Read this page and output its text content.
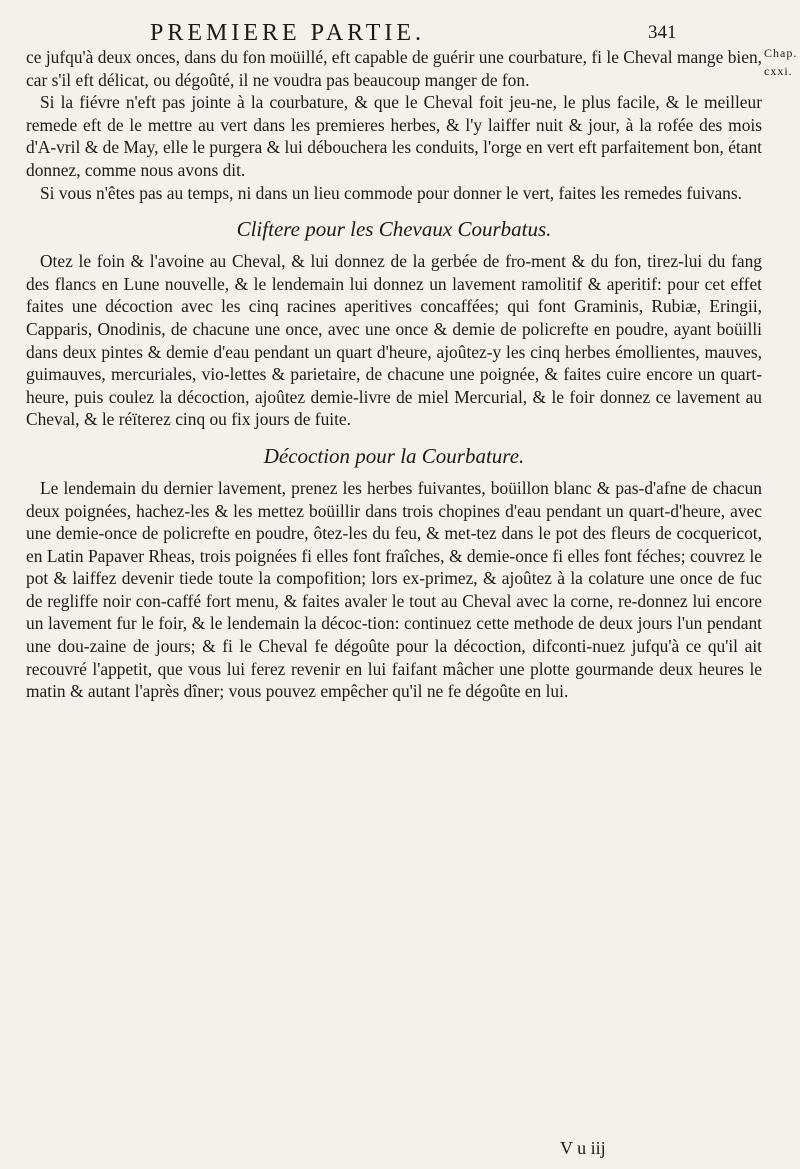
PREMIERE PARTIE.	341
Chap.
cxxi.

ce jufqu'à deux onces, dans du fon moüillé, eft capable de guérir une courbature, fi le Cheval mange bien, car s'il eft délicat, ou dégoûté, il ne voudra pas beaucoup manger de fon.

Si la fiévre n'eft pas jointe à la courbature, & que le Cheval foit jeu-ne, le plus facile, & le meilleur remede eft de le mettre au vert dans les premieres herbes, & l'y laiffer nuit & jour, à la rofée des mois d'A-vril & de May, elle le purgera & lui débouchera les conduits, l'orge en vert eft parfaitement bon, étant donnez, comme nous avons dit.

Si vous n'êtes pas au temps, ni dans un lieu commode pour donner le vert, faites les remedes fuivans.

Cliftere pour les Chevaux Courbatus.

Otez le foin & l'avoine au Cheval, & lui donnez de la gerbée de fro-ment & du fon, tirez-lui du fang des flancs en Lune nouvelle, & le lendemain lui donnez un lavement ramolitif & aperitif: pour cet effet faites une décoction avec les cinq racines aperitives concaffées; qui font Graminis, Rubiæ, Eringii, Capparis, Onodinis, de chacune une once, avec une once & demie de policrefte en poudre, ayant boüilli dans deux pintes & demie d'eau pendant un quart d'heure, ajoûtez-y les cinq herbes émollientes, mauves, guimauves, mercuriales, vio-lettes & parietaire, de chacune une poignée, & faites cuire encore un quart-heure, puis coulez la décoction, ajoûtez demie-livre de miel Mercurial, & le foir donnez ce lavement au Cheval, & le réïterez cinq ou fix jours de fuite.

Décoction pour la Courbature.

Le lendemain du dernier lavement, prenez les herbes fuivantes, boüillon blanc & pas-d'afne de chacun deux poignées, hachez-les & les mettez boüillir dans trois chopines d'eau pendant un quart-d'heure, avec une demie-once de policrefte en poudre, ôtez-les du feu, & met-tez dans le pot des fleurs de cocquericot, en Latin Papaver Rheas, trois poignées fi elles font fraîches, & demie-once fi elles font féches; couvrez le pot & laiffez devenir tiede toute la compofition; lors ex-primez, & ajoûtez à la colature une once de fuc de regliffe noir con-caffé fort menu, & faites avaler le tout au Cheval avec la corne, re-donnez lui encore un lavement fur le foir, & le lendemain la décoc-tion: continuez cette methode de deux jours l'un pendant une dou-zaine de jours; & fi le Cheval fe dégoûte pour la décoction, difconti-nuez jufqu'à ce qu'il ait recouvré l'appetit, que vous lui ferez revenir en lui faifant mâcher une plotte gourmande deux heures le matin & autant l'après dîner; vous pouvez empêcher qu'il ne fe dégoûte en lui.

V u iij
